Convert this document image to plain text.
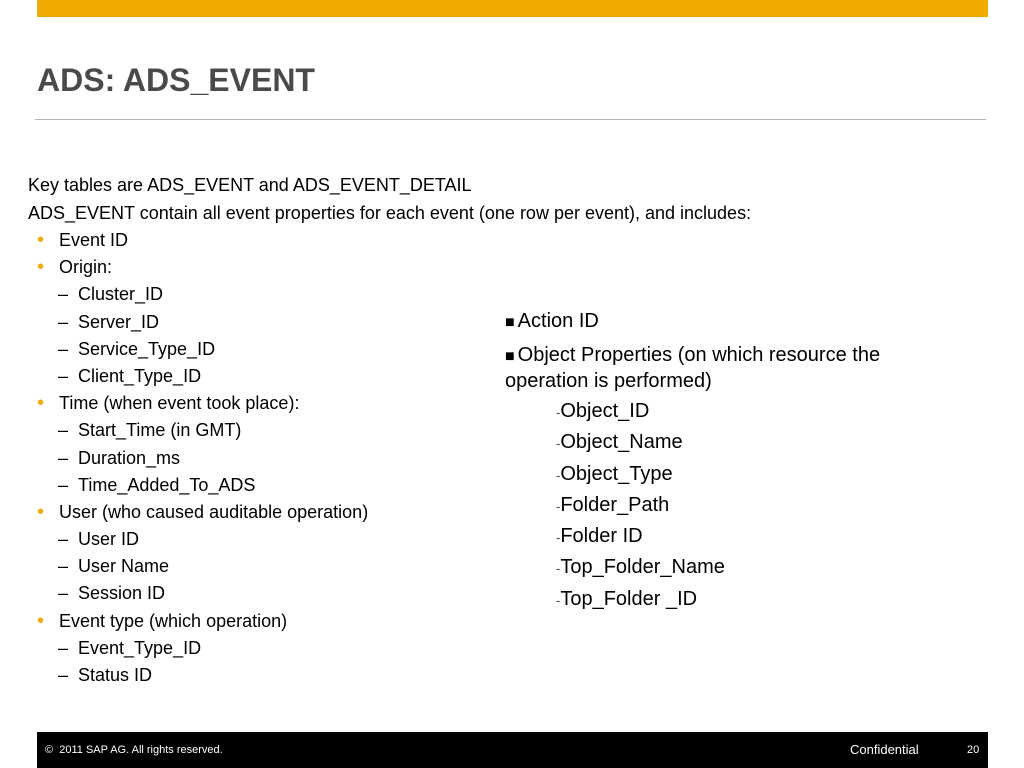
ADS: ADS_EVENT
Key tables are ADS_EVENT and ADS_EVENT_DETAIL
ADS_EVENT contain all event properties for each event (one row per event), and includes:
• Event ID
• Origin:
– Cluster_ID
– Server_ID
– Service_Type_ID
– Client_Type_ID
• Time (when event took place):
– Start_Time (in GMT)
– Duration_ms
– Time_Added_To_ADS
• User (who caused auditable operation)
– User ID
– User Name
– Session ID
• Event type (which operation)
– Event_Type_ID
– Status ID
■ Action ID
■ Object Properties (on which resource the operation is performed)
-Object_ID
-Object_Name
-Object_Type
-Folder_Path
-Folder ID
-Top_Folder_Name
-Top_Folder _ID
© 2011 SAP AG. All rights reserved.	Confidential	20
